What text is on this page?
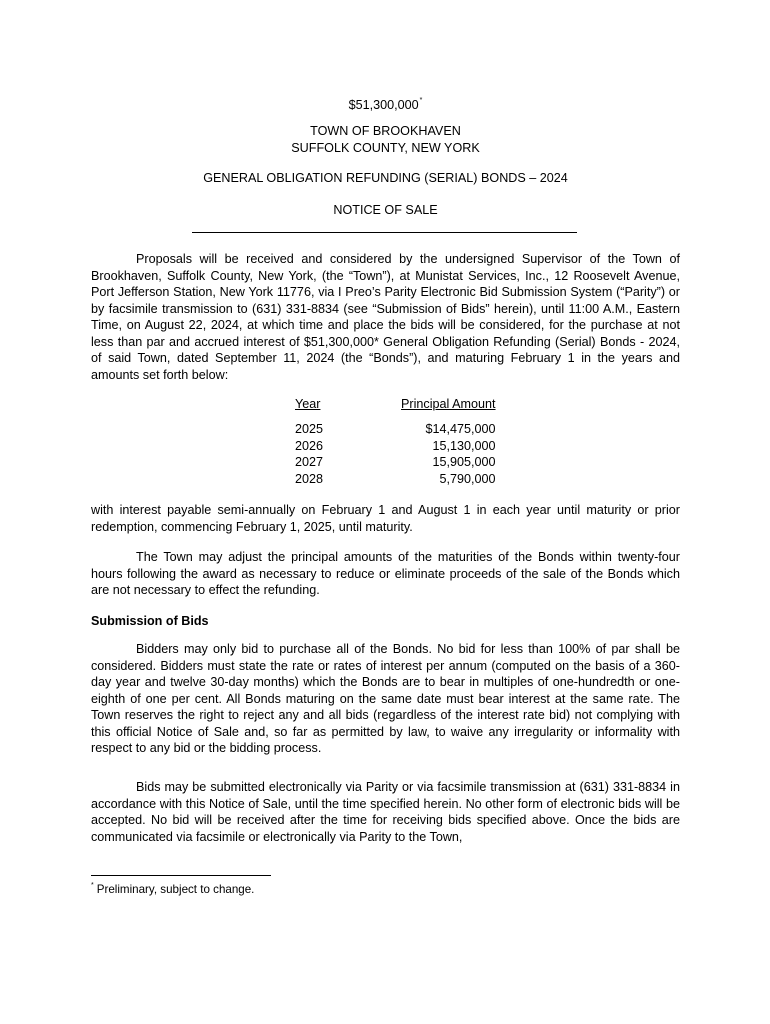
$51,300,000*
TOWN OF BROOKHAVEN
SUFFOLK COUNTY, NEW YORK
GENERAL OBLIGATION REFUNDING (SERIAL) BONDS – 2024
NOTICE OF SALE

Proposals will be received and considered by the undersigned Supervisor of the Town of Brookhaven, Suffolk County, New York, (the “Town”), at Munistat Services, Inc., 12 Roosevelt Avenue, Port Jefferson Station, New York 11776, via I Preo’s Parity Electronic Bid Submission System (“Parity”) or by facsimile transmission to (631) 331-8834 (see “Submission of Bids” herein), until 11:00 A.M., Eastern Time, on August 22, 2024, at which time and place the bids will be considered, for the purchase at not less than par and accrued interest of $51,300,000* General Obligation Refunding (Serial) Bonds - 2024, of said Town, dated September 11, 2024 (the “Bonds”), and maturing February 1 in the years and amounts set forth below:

Year	Principal Amount
2025	$14,475,000
2026	15,130,000
2027	15,905,000
2028	5,790,000

with interest payable semi-annually on February 1 and August 1 in each year until maturity or prior redemption, commencing February 1, 2025, until maturity.

The Town may adjust the principal amounts of the maturities of the Bonds within twenty-four hours following the award as necessary to reduce or eliminate proceeds of the sale of the Bonds which are not necessary to effect the refunding.

Submission of Bids

Bidders may only bid to purchase all of the Bonds. No bid for less than 100% of par shall be considered. Bidders must state the rate or rates of interest per annum (computed on the basis of a 360-day year and twelve 30-day months) which the Bonds are to bear in multiples of one-hundredth or one-eighth of one per cent. All Bonds maturing on the same date must bear interest at the same rate. The Town reserves the right to reject any and all bids (regardless of the interest rate bid) not complying with this official Notice of Sale and, so far as permitted by law, to waive any irregularity or informality with respect to any bid or the bidding process.

Bids may be submitted electronically via Parity or via facsimile transmission at (631) 331-8834 in accordance with this Notice of Sale, until the time specified herein. No other form of electronic bids will be accepted. No bid will be received after the time for receiving bids specified above. Once the bids are communicated via facsimile or electronically via Parity to the Town,

* Preliminary, subject to change.
